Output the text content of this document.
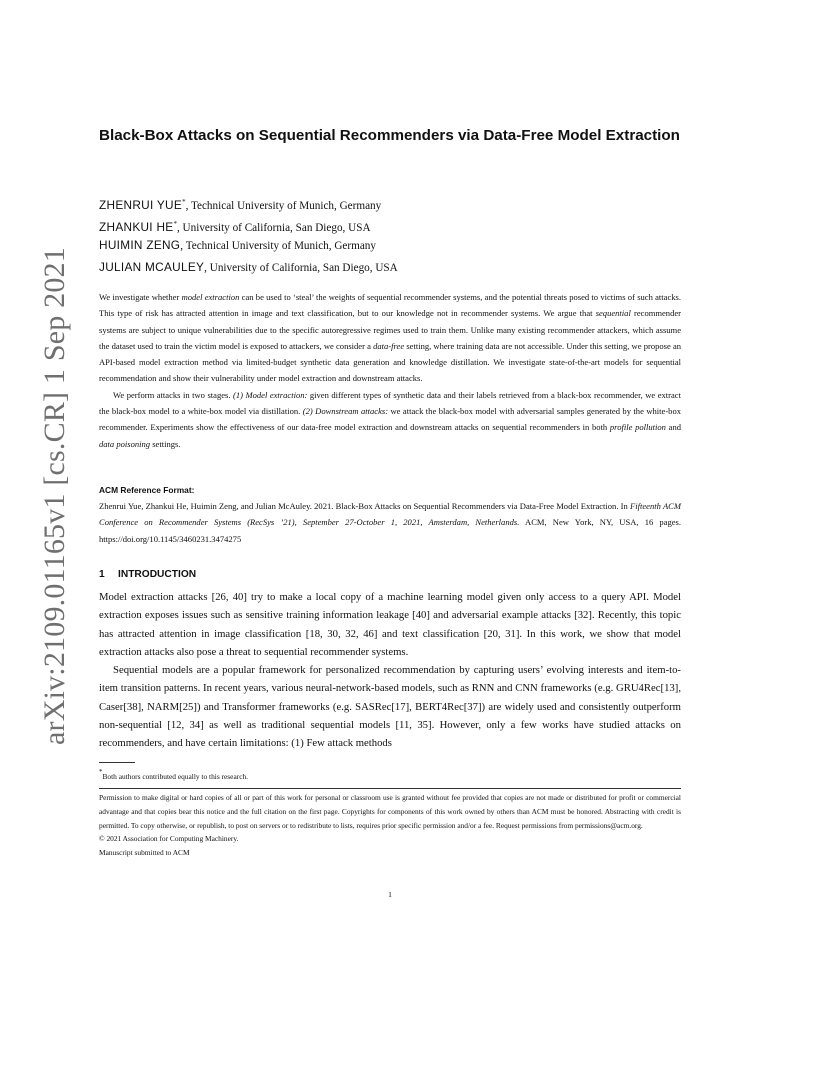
arXiv:2109.01165v1 [cs.CR] 1 Sep 2021
Black-Box Attacks on Sequential Recommenders via Data-Free Model Extraction
ZHENRUI YUE*, Technical University of Munich, Germany
ZHANKUI HE*, University of California, San Diego, USA
HUIMIN ZENG, Technical University of Munich, Germany
JULIAN MCAULEY, University of California, San Diego, USA

We investigate whether model extraction can be used to ‘steal’ the weights of sequential recommender systems, and the potential threats posed to victims of such attacks. This type of risk has attracted attention in image and text classification, but to our knowledge not in recommender systems. We argue that sequential recommender systems are subject to unique vulnerabilities due to the specific autoregressive regimes used to train them. Unlike many existing recommender attackers, which assume the dataset used to train the victim model is exposed to attackers, we consider a data-free setting, where training data are not accessible. Under this setting, we propose an API-based model extraction method via limited-budget synthetic data generation and knowledge distillation. We investigate state-of-the-art models for sequential recommendation and show their vulnerability under model extraction and downstream attacks.

We perform attacks in two stages. (1) Model extraction: given different types of synthetic data and their labels retrieved from a black-box recommender, we extract the black-box model to a white-box model via distillation. (2) Downstream attacks: we attack the black-box model with adversarial samples generated by the white-box recommender. Experiments show the effectiveness of our data-free model extraction and downstream attacks on sequential recommenders in both profile pollution and data poisoning settings.

ACM Reference Format:
Zhenrui Yue, Zhankui He, Huimin Zeng, and Julian McAuley. 2021. Black-Box Attacks on Sequential Recommenders via Data-Free Model Extraction. In Fifteenth ACM Conference on Recommender Systems (RecSys ’21), September 27-October 1, 2021, Amsterdam, Netherlands. ACM, New York, NY, USA, 16 pages. https://doi.org/10.1145/3460231.3474275
1 INTRODUCTION

Model extraction attacks [26, 40] try to make a local copy of a machine learning model given only access to a query API. Model extraction exposes issues such as sensitive training information leakage [40] and adversarial example attacks [32]. Recently, this topic has attracted attention in image classification [18, 30, 32, 46] and text classification [20, 31]. In this work, we show that model extraction attacks also pose a threat to sequential recommender systems.

Sequential models are a popular framework for personalized recommendation by capturing users’ evolving interests and item-to-item transition patterns. In recent years, various neural-network-based models, such as RNN and CNN frameworks (e.g. GRU4Rec[13], Caser[38], NARM[25]) and Transformer frameworks (e.g. SASRec[17], BERT4Rec[37]) are widely used and consistently outperform non-sequential [12, 34] as well as traditional sequential models [11, 35]. However, only a few works have studied attacks on recommenders, and have certain limitations: (1) Few attack methods

*Both authors contributed equally to this research.

Permission to make digital or hard copies of all or part of this work for personal or classroom use is granted without fee provided that copies are not made or distributed for profit or commercial advantage and that copies bear this notice and the full citation on the first page. Copyrights for components of this work owned by others than ACM must be honored. Abstracting with credit is permitted. To copy otherwise, or republish, to post on servers or to redistribute to lists, requires prior specific permission and/or a fee. Request permissions from permissions@acm.org.

© 2021 Association for Computing Machinery.

Manuscript submitted to ACM

1
